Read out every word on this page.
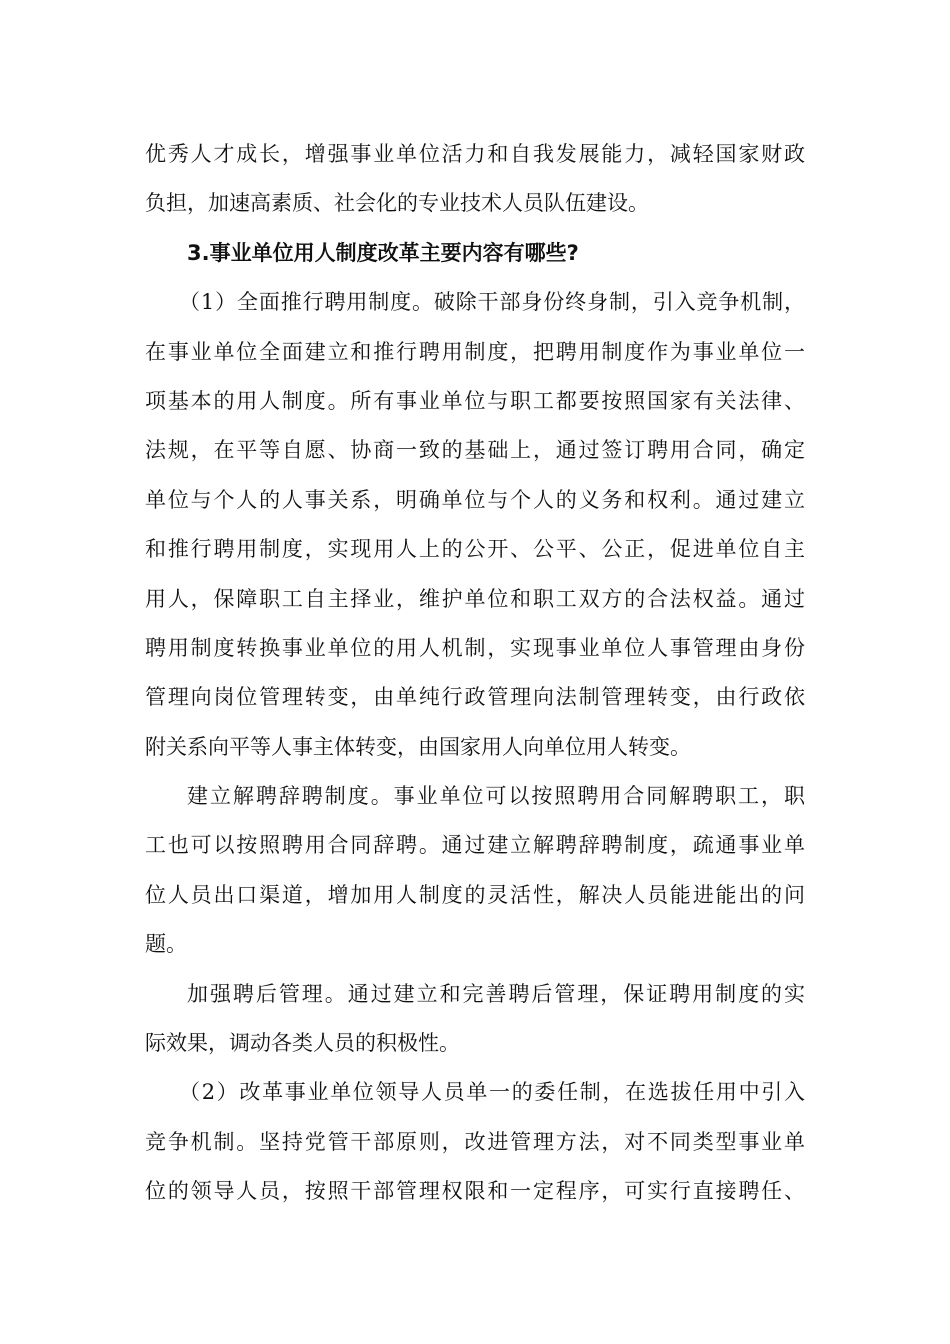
优秀人才成长，增强事业单位活力和自我发展能力，减轻国家财政
负担，加速高素质、社会化的专业技术人员队伍建设。
3.事业单位用人制度改革主要内容有哪些?
（1）全面推行聘用制度。破除干部身份终身制，引入竞争机制，
在事业单位全面建立和推行聘用制度，把聘用制度作为事业单位一
项基本的用人制度。所有事业单位与职工都要按照国家有关法律、
法规，在平等自愿、协商一致的基础上，通过签订聘用合同，确定
单位与个人的人事关系，明确单位与个人的义务和权利。通过建立
和推行聘用制度，实现用人上的公开、公平、公正，促进单位自主
用人，保障职工自主择业，维护单位和职工双方的合法权益。通过
聘用制度转换事业单位的用人机制，实现事业单位人事管理由身份
管理向岗位管理转变，由单纯行政管理向法制管理转变，由行政依
附关系向平等人事主体转变，由国家用人向单位用人转变。
建立解聘辞聘制度。事业单位可以按照聘用合同解聘职工，职
工也可以按照聘用合同辞聘。通过建立解聘辞聘制度，疏通事业单
位人员出口渠道，增加用人制度的灵活性，解决人员能进能出的问
题。
加强聘后管理。通过建立和完善聘后管理，保证聘用制度的实
际效果，调动各类人员的积极性。
（2）改革事业单位领导人员单一的委任制，在选拔任用中引入
竞争机制。坚持党管干部原则，改进管理方法，对不同类型事业单
位的领导人员，按照干部管理权限和一定程序，可实行直接聘任、
